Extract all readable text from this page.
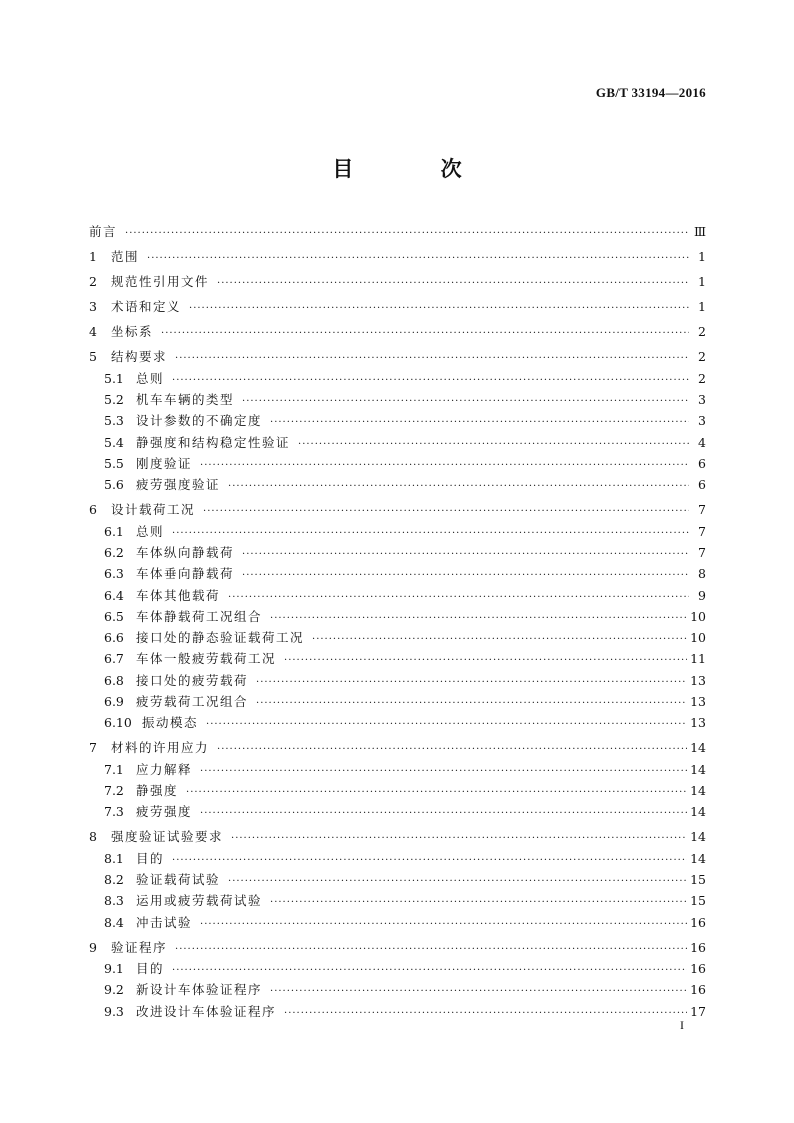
GB/T 33194—2016
目 次
前言 ·····	Ⅲ
1	范围 ·····	1
2	规范性引用文件 ·····	1
3	术语和定义 ·····	1
4	坐标系 ·····	2
5	结构要求 ·····	2
5.1 总则 ·····	2
5.2 机车车辆的类型 ·····	3
5.3 设计参数的不确定度 ·····	3
5.4 静强度和结构稳定性验证 ·····	4
5.5 刚度验证 ·····	6
5.6 疲劳强度验证 ·····	6
6	设计载荷工况 ·····	7
6.1 总则 ·····	7
6.2 车体纵向静载荷 ·····	7
6.3 车体垂向静载荷 ·····	8
6.4 车体其他载荷 ·····	9
6.5 车体静载荷工况组合 ·····	10
6.6 接口处的静态验证载荷工况 ·····	10
6.7 车体一般疲劳载荷工况 ·····	11
6.8 接口处的疲劳载荷 ·····	13
6.9 疲劳载荷工况组合 ·····	13
6.10 振动模态 ·····	13
7	材料的许用应力 ·····	14
7.1 应力解释 ·····	14
7.2 静强度 ·····	14
7.3 疲劳强度 ·····	14
8	强度验证试验要求 ·····	14
8.1 目的 ·····	14
8.2 验证载荷试验 ·····	15
8.3 运用或疲劳载荷试验 ·····	15
8.4 冲击试验 ·····	16
9	验证程序 ·····	16
9.1 目的 ·····	16
9.2 新设计车体验证程序 ·····	16
9.3 改进设计车体验证程序 ·····	17
I
